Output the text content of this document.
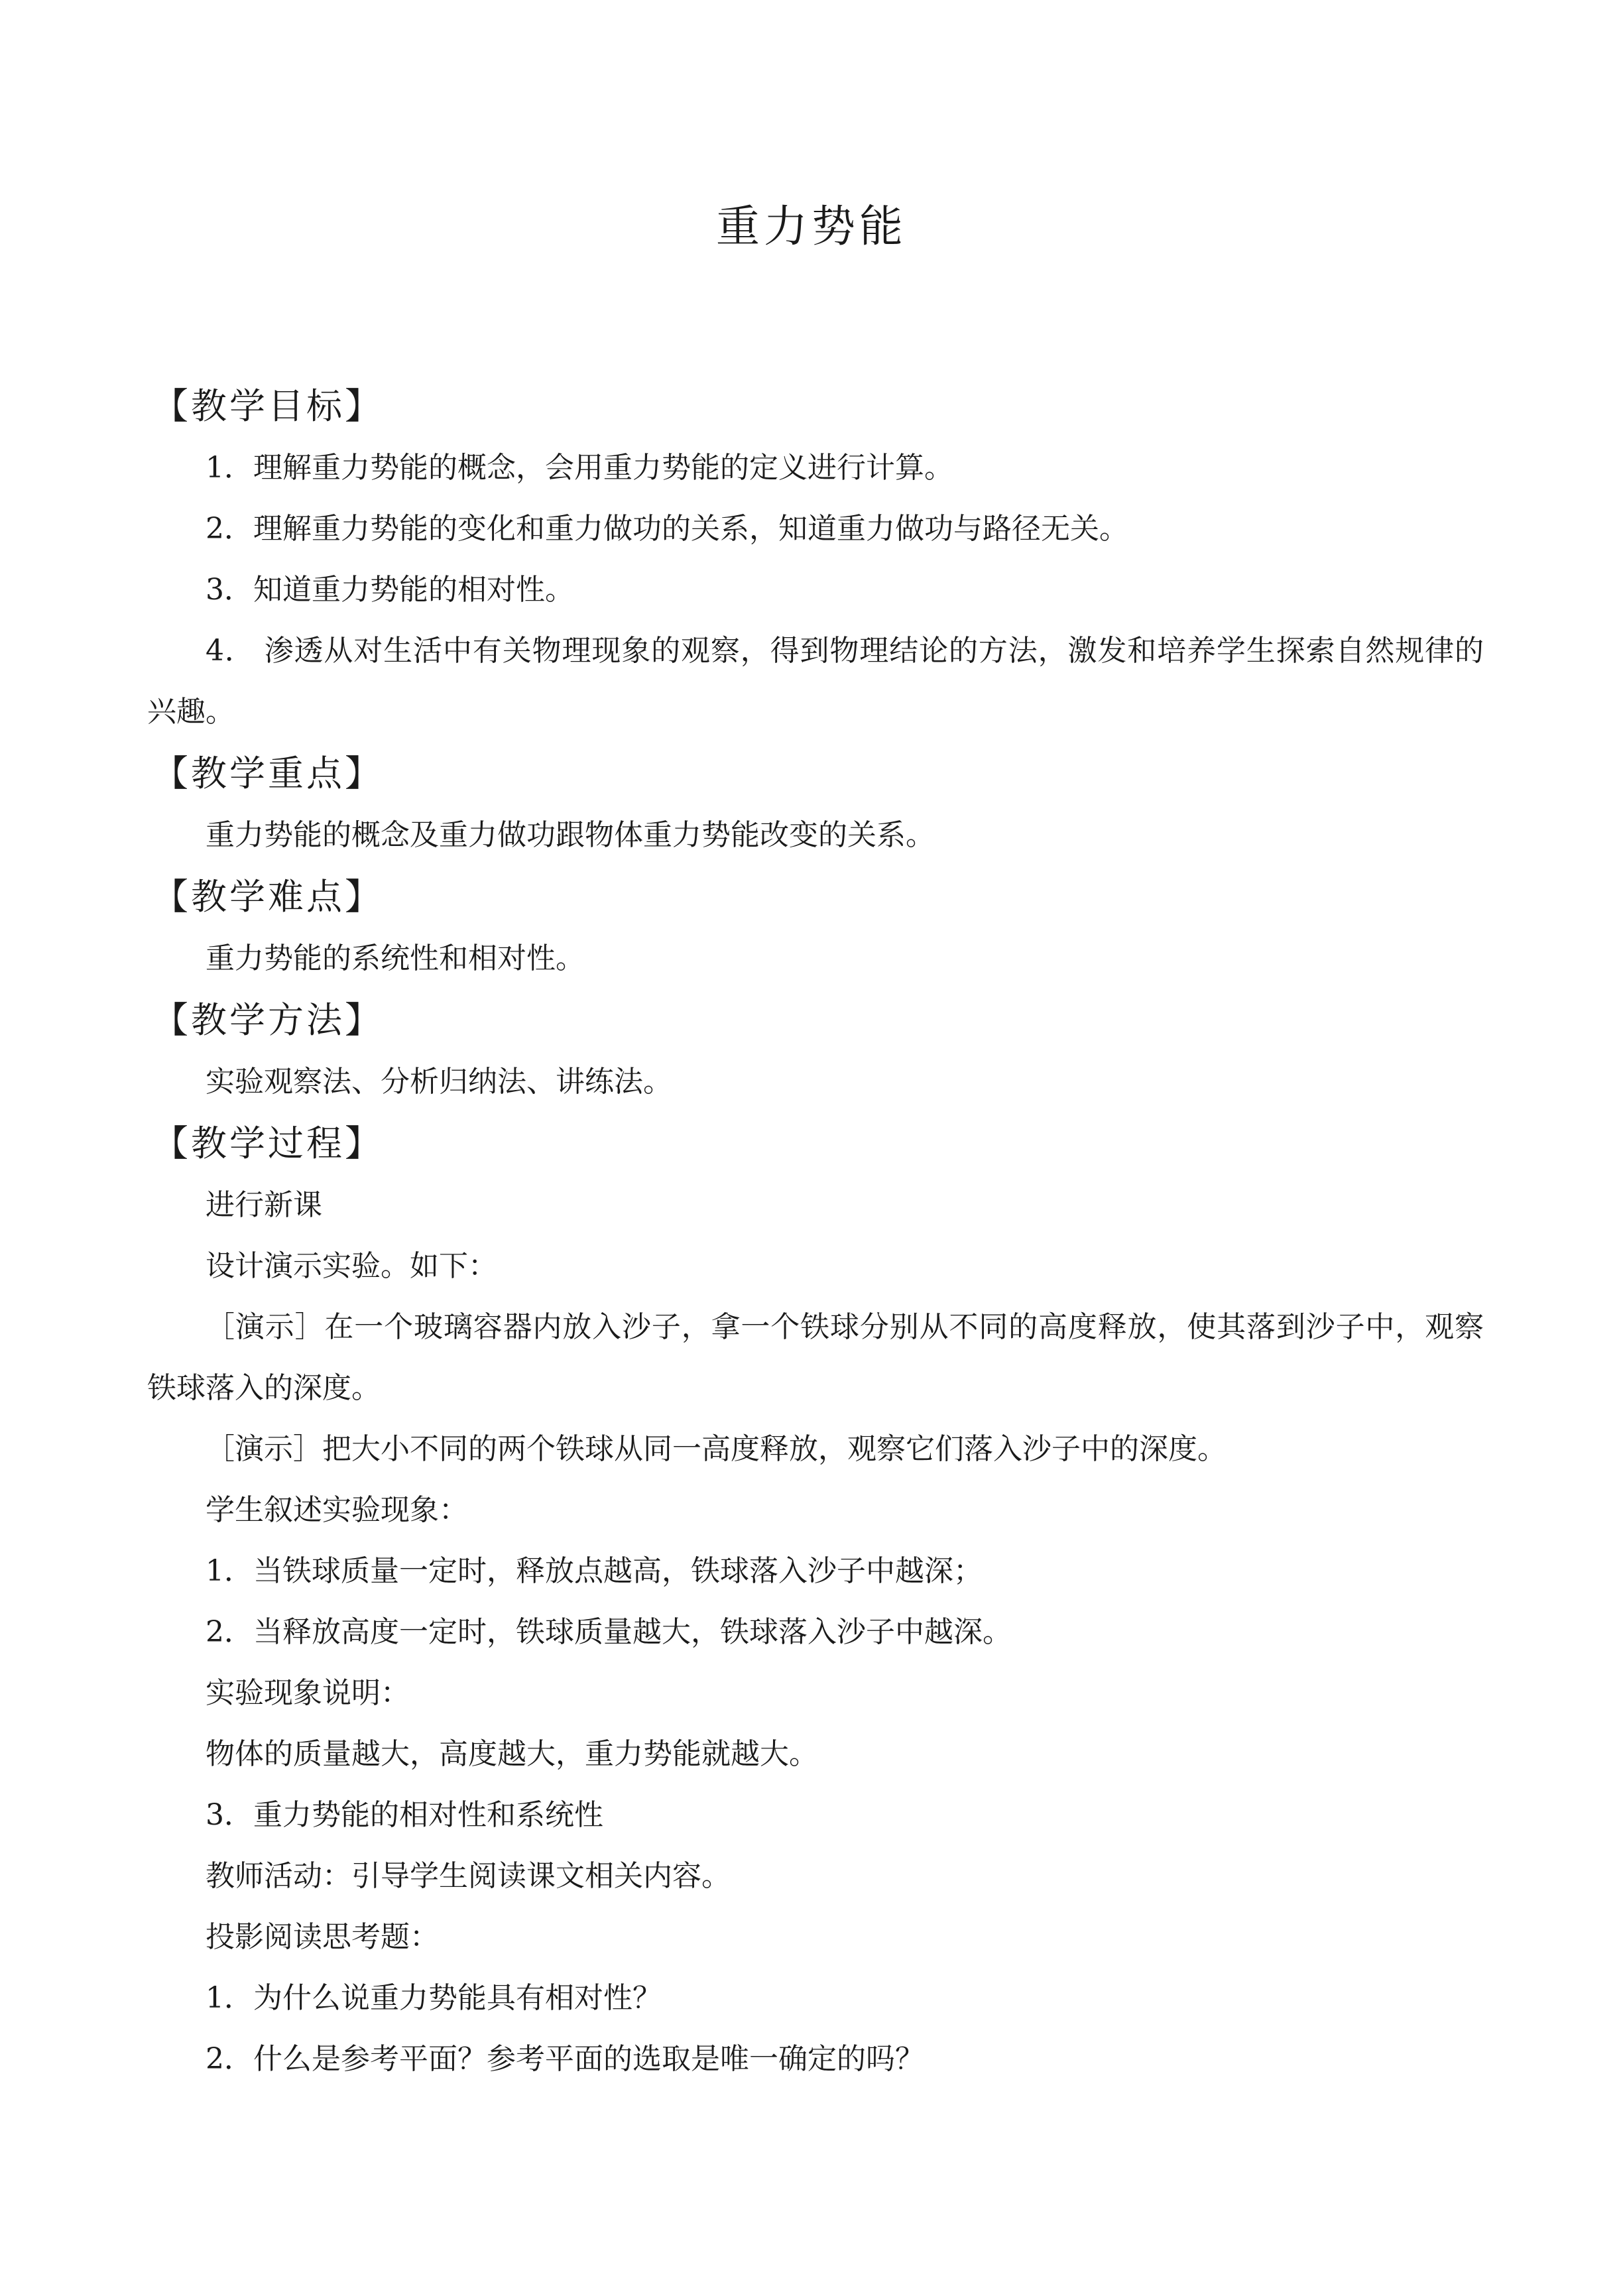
重力势能
【教学目标】

1．理解重力势能的概念，会用重力势能的定义进行计算。

2．理解重力势能的变化和重力做功的关系，知道重力做功与路径无关。

3．知道重力势能的相对性。

4． 渗透从对生活中有关物理现象的观察，得到物理结论的方法，激发和培养学生探索自然规律的兴趣。

【教学重点】

重力势能的概念及重力做功跟物体重力势能改变的关系。

【教学难点】

重力势能的系统性和相对性。

【教学方法】

实验观察法、分析归纳法、讲练法。

【教学过程】

进行新课

设计演示实验。如下：

［演示］在一个玻璃容器内放入沙子，拿一个铁球分别从不同的高度释放，使其落到沙子中，观察铁球落入的深度。

［演示］把大小不同的两个铁球从同一高度释放，观察它们落入沙子中的深度。

学生叙述实验现象：

1．当铁球质量一定时，释放点越高，铁球落入沙子中越深；

2．当释放高度一定时，铁球质量越大，铁球落入沙子中越深。

实验现象说明：

物体的质量越大，高度越大，重力势能就越大。

3．重力势能的相对性和系统性

教师活动：引导学生阅读课文相关内容。

投影阅读思考题：

1．为什么说重力势能具有相对性？

2．什么是参考平面？参考平面的选取是唯一确定的吗？
